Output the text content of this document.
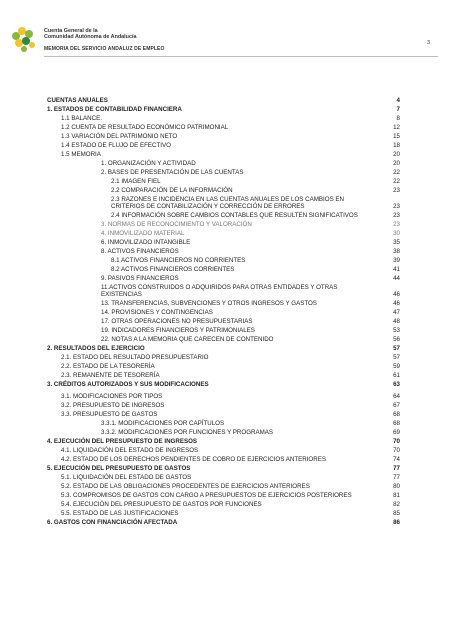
Cuenta General de la
Comunidad Autónoma de Andalucía
MEMORIA DEL SERVICIO ANDALUZ DE EMPLEO
3
CUENTAS ANUALES	4
1. ESTADOS DE CONTABILIDAD FINANCIERA	7
1.1 BALANCE.	8
1.2 CUENTA DE RESULTADO ECONÓMICO PATRIMONIAL	12
1.3 VARIACIÓN DEL PATRIMONIO NETO	15
1.4 ESTADO DE FLUJO DE EFECTIVO	18
1.5 MEMORIA	20
1. ORGANIZACIÓN Y ACTIVIDAD	20
2. BASES DE PRESENTACIÓN DE LAS CUENTAS	22
2.1 IMAGEN FIEL	22
2.2 COMPARACIÓN DE LA INFORMACIÓN	23
2.3 RAZONES E INCIDENCIA EN LAS CUENTAS ANUALES DE LOS CAMBIOS EN CRITERIOS DE CONTABILIZACIÓN Y CORRECCIÓN DE ERRORES	23
2.4 INFORMACIÓN SOBRE CAMBIOS CONTABLES QUE RESULTEN SIGNIFICATIVOS	23
3. NORMAS DE RECONOCIMIENTO Y VALORACIÓN	23
4. INMOVILIZADO MATERIAL	30
6. INMOVILIZADO INTANGIBLE	35
8. ACTIVOS FINANCIEROS	38
8.1 ACTIVOS FINANCIEROS NO CORRIENTES	39
8.2 ACTIVOS FINANCIEROS CORRIENTES	41
9. PASIVOS FINANCIEROS	44
11.ACTIVOS CONSTRUIDOS O ADQUIRIDOS PARA OTRAS ENTIDADES Y OTRAS EXISTENCIAS	46
13. TRANSFERENCIAS, SUBVENCIONES Y OTROS INGRESOS Y GASTOS	46
14. PROVISIONES Y CONTINGENCIAS	47
17. OTRAS OPERACIONES NO PRESUPUESTARIAS	48
19. INDICADORES FINANCIEROS Y PATRIMONIALES	53
22. NOTAS A LA MEMORIA QUE CARECEN DE CONTENIDO	56
2. RESULTADOS DEL EJERCICIO	57
2.1. ESTADO DEL RESULTADO PRESUPUESTARIO	57
2.2. ESTADO DE LA TESORERÍA	59
2.3. REMANENTE DE TESORERÍA	61
3. CRÉDITOS AUTORIZADOS Y SUS MODIFICACIONES	63
3.1. MODIFICACIONES POR TIPOS	64
3.2. PRESUPUESTO DE INGRESOS	67
3.3. PRESUPUESTO DE GASTOS	68
3.3.1. MODIFICACIONES POR CAPÍTULOS	68
3.3.2. MODIFICACIONES POR FUNCIONES Y PROGRAMAS	69
4. EJECUCIÓN DEL PRESUPUESTO DE INGRESOS	70
4.1. LIQUIDACIÓN DEL ESTADO DE INGRESOS	70
4.2. ESTADO DE LOS DERECHOS PENDIENTES DE COBRO DE EJERCICIOS ANTERIORES	74
5. EJECUCIÓN DEL PRESUPUESTO DE GASTOS	77
5.1. LIQUIDACIÓN DEL ESTADO DE GASTOS	77
5.2. ESTADO DE LAS OBLIGACIONES PROCEDENTES DE EJERCICIOS ANTERIORES	80
5.3. COMPROMISOS DE GASTOS CON CARGO A PRESUPUESTOS DE EJERCICIOS POSTERIORES	81
5.4. EJECUCIÓN DEL PRESUPUESTO DE GASTOS POR FUNCIONES	82
5.5. ESTADO DE LAS JUSTIFICACIONES	85
6. GASTOS CON FINANCIACIÓN AFECTADA	86
